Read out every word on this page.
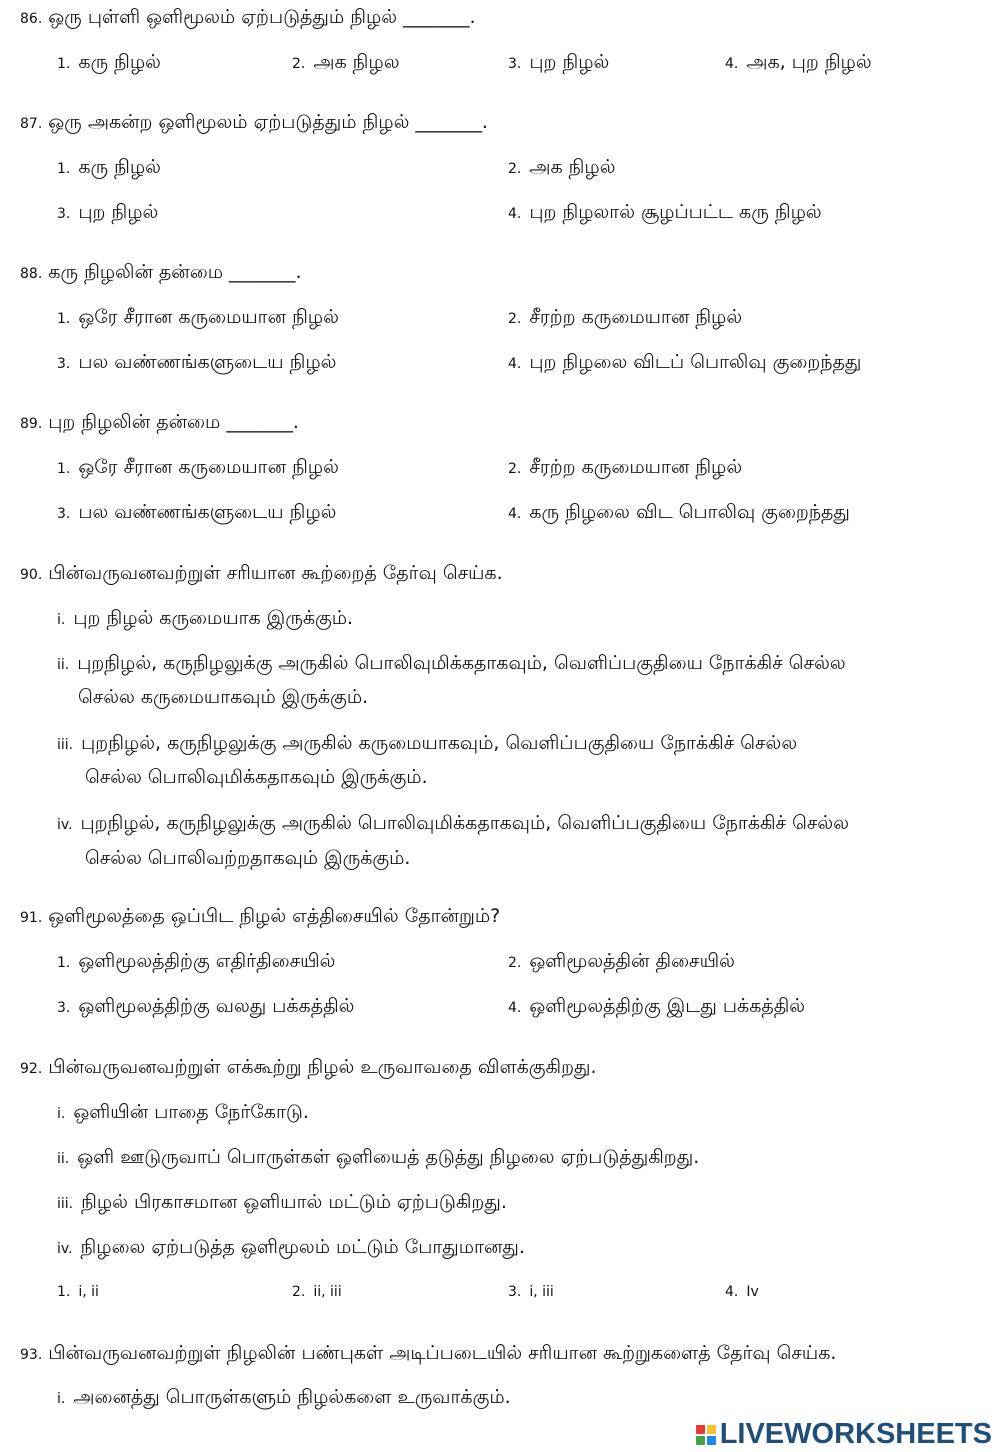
86. ஒரு புள்ளி ஒளிமூலம் ஏற்படுத்தும் நிழல் _______.
1. கரு நிழல்	2. அக நிழல	3. புற நிழல்	4. அக, புற நிழல்
87. ஒரு அகன்ற ஒளிமூலம் ஏற்படுத்தும் நிழல் _______.
1. கரு நிழல்	2. அக நிழல்
3. புற நிழல்	4. புற நிழலால் சூழப்பட்ட கரு நிழல்
88. கரு நிழலின் தன்மை _______.
1. ஒரே சீரான கருமையான நிழல்	2. சீரற்ற கருமையான நிழல்
3. பல வண்ணங்களுடைய நிழல்	4. புற நிழலை விடப் பொலிவு குறைந்தது
89. புற நிழலின் தன்மை _______.
1. ஒரே சீரான கருமையான நிழல்	2. சீரற்ற கருமையான நிழல்
3. பல வண்ணங்களுடைய நிழல்	4. கரு நிழலை விட பொலிவு குறைந்தது
90. பின்வருவனவற்றுள் சரியான கூற்றைத் தேர்வு செய்க.
i. புற நிழல் கருமையாக இருக்கும்.
ii. புறநிழல், கருநிழலுக்கு அருகில் பொலிவுமிக்கதாகவும், வெளிப்பகுதியை நோக்கிச் செல்ல
செல்ல கருமையாகவும் இருக்கும்.
iii. புறநிழல், கருநிழலுக்கு அருகில் கருமையாகவும், வெளிப்பகுதியை நோக்கிச் செல்ல
செல்ல பொலிவுமிக்கதாகவும் இருக்கும்.
iv. புறநிழல், கருநிழலுக்கு அருகில் பொலிவுமிக்கதாகவும், வெளிப்பகுதியை நோக்கிச் செல்ல
செல்ல பொலிவற்றதாகவும் இருக்கும்.
91. ஒளிமூலத்தை ஒப்பிட நிழல் எத்திசையில் தோன்றும்?
1. ஒளிமூலத்திற்கு எதிர்திசையில்	2. ஒளிமூலத்தின் திசையில்
3. ஒளிமூலத்திற்கு வலது பக்கத்தில்	4. ஒளிமூலத்திற்கு இடது பக்கத்தில்
92. பின்வருவனவற்றுள் எக்கூற்று நிழல் உருவாவதை விளக்குகிறது.
i. ஒளியின் பாதை நேர்கோடு.
ii. ஒளி ஊடுருவாப் பொருள்கள் ஒளியைத் தடுத்து நிழலை ஏற்படுத்துகிறது.
iii. நிழல் பிரகாசமான ஒளியால் மட்டும் ஏற்படுகிறது.
iv. நிழலை ஏற்படுத்த ஒளிமூலம் மட்டும் போதுமானது.
1. i, ii	2. ii, iii	3. i, iii	4. Iv
93. பின்வருவனவற்றுள் நிழலின் பண்புகள் அடிப்படையில் சரியான கூற்றுகளைத் தேர்வு செய்க.
i. அனைத்து பொருள்களும் நிழல்களை உருவாக்கும்.
LIVEWORKSHEETS
